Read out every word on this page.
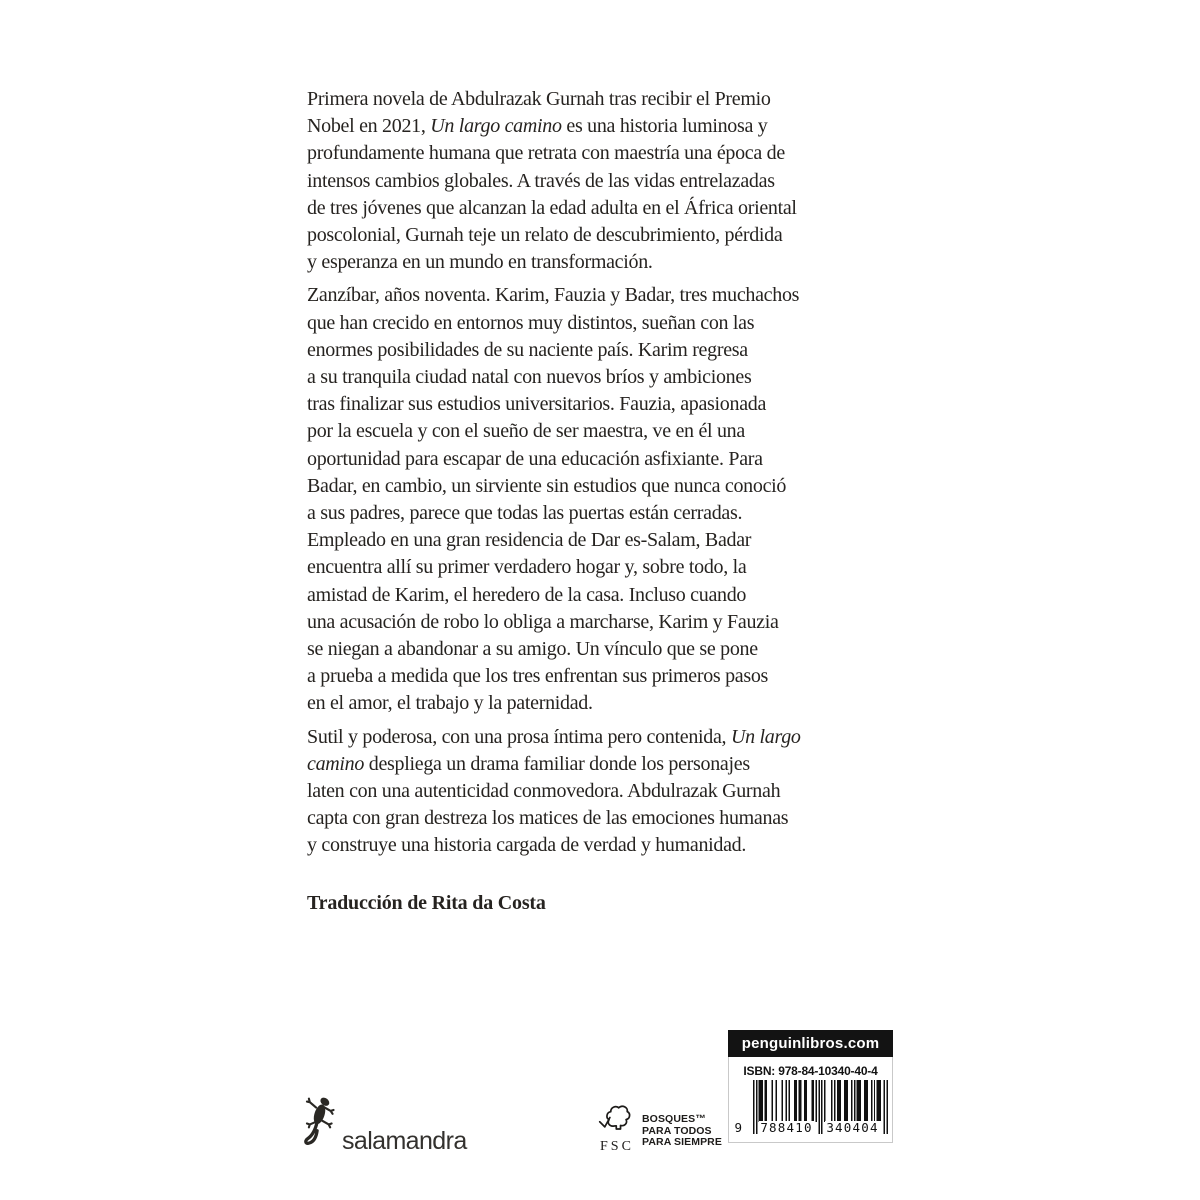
Primera novela de Abdulrazak Gurnah tras recibir el Premio
Nobel en 2021, Un largo camino es una historia luminosa y
profundamente humana que retrata con maestría una época de
intensos cambios globales. A través de las vidas entrelazadas
de tres jóvenes que alcanzan la edad adulta en el África oriental
poscolonial, Gurnah teje un relato de descubrimiento, pérdida
y esperanza en un mundo en transformación.

Zanzíbar, años noventa. Karim, Fauzia y Badar, tres muchachos
que han crecido en entornos muy distintos, sueñan con las
enormes posibilidades de su naciente país. Karim regresa
a su tranquila ciudad natal con nuevos bríos y ambiciones
tras finalizar sus estudios universitarios. Fauzia, apasionada
por la escuela y con el sueño de ser maestra, ve en él una
oportunidad para escapar de una educación asfixiante. Para
Badar, en cambio, un sirviente sin estudios que nunca conoció
a sus padres, parece que todas las puertas están cerradas.
Empleado en una gran residencia de Dar es-Salam, Badar
encuentra allí su primer verdadero hogar y, sobre todo, la
amistad de Karim, el heredero de la casa. Incluso cuando
una acusación de robo lo obliga a marcharse, Karim y Fauzia
se niegan a abandonar a su amigo. Un vínculo que se pone
a prueba a medida que los tres enfrentan sus primeros pasos
en el amor, el trabajo y la paternidad.

Sutil y poderosa, con una prosa íntima pero contenida, Un largo
camino despliega un drama familiar donde los personajes
laten con una autenticidad conmovedora. Abdulrazak Gurnah
capta con gran destreza los matices de las emociones humanas
y construye una historia cargada de verdad y humanidad.

Traducción de Rita da Costa
salamandra	FSC
BOSQUES™
PARA TODOS
PARA SIEMPRE
penguinlibros.com
ISBN: 978-84-10340-40-4
9 788410 340404
